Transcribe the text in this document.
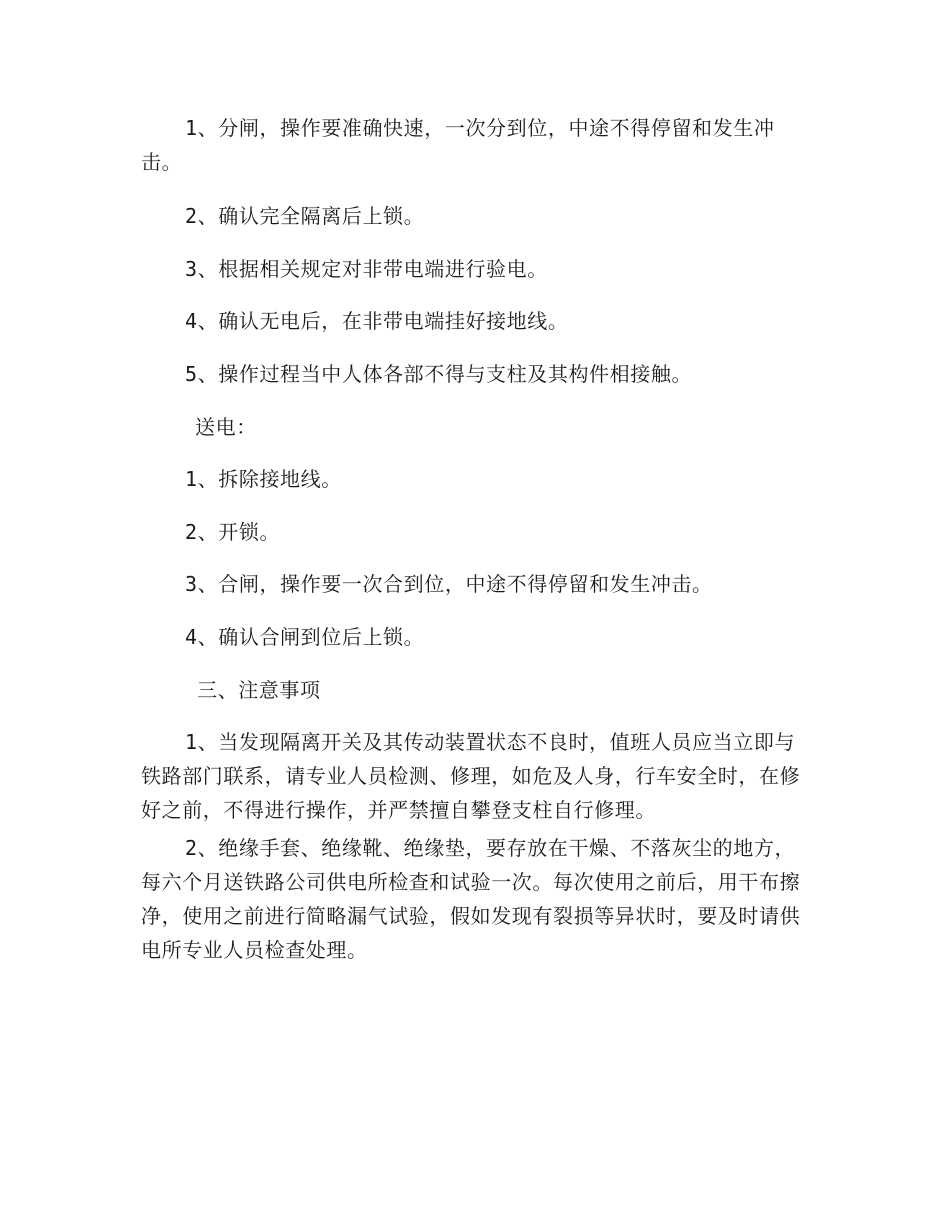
1、分闸，操作要准确快速，一次分到位，中途不得停留和发生冲击。

2、确认完全隔离后上锁。

3、根据相关规定对非带电端进行验电。

4、确认无电后，在非带电端挂好接地线。

5、操作过程当中人体各部不得与支柱及其构件相接触。

送电：

1、拆除接地线。

2、开锁。

3、合闸，操作要一次合到位，中途不得停留和发生冲击。

4、确认合闸到位后上锁。

三、注意事项

1、当发现隔离开关及其传动装置状态不良时，值班人员应当立即与铁路部门联系，请专业人员检测、修理，如危及人身，行车安全时，在修好之前，不得进行操作，并严禁擅自攀登支柱自行修理。

2、绝缘手套、绝缘靴、绝缘垫，要存放在干燥、不落灰尘的地方，每六个月送铁路公司供电所检查和试验一次。每次使用之前后，用干布擦净，使用之前进行简略漏气试验，假如发现有裂损等异状时，要及时请供电所专业人员检查处理。
